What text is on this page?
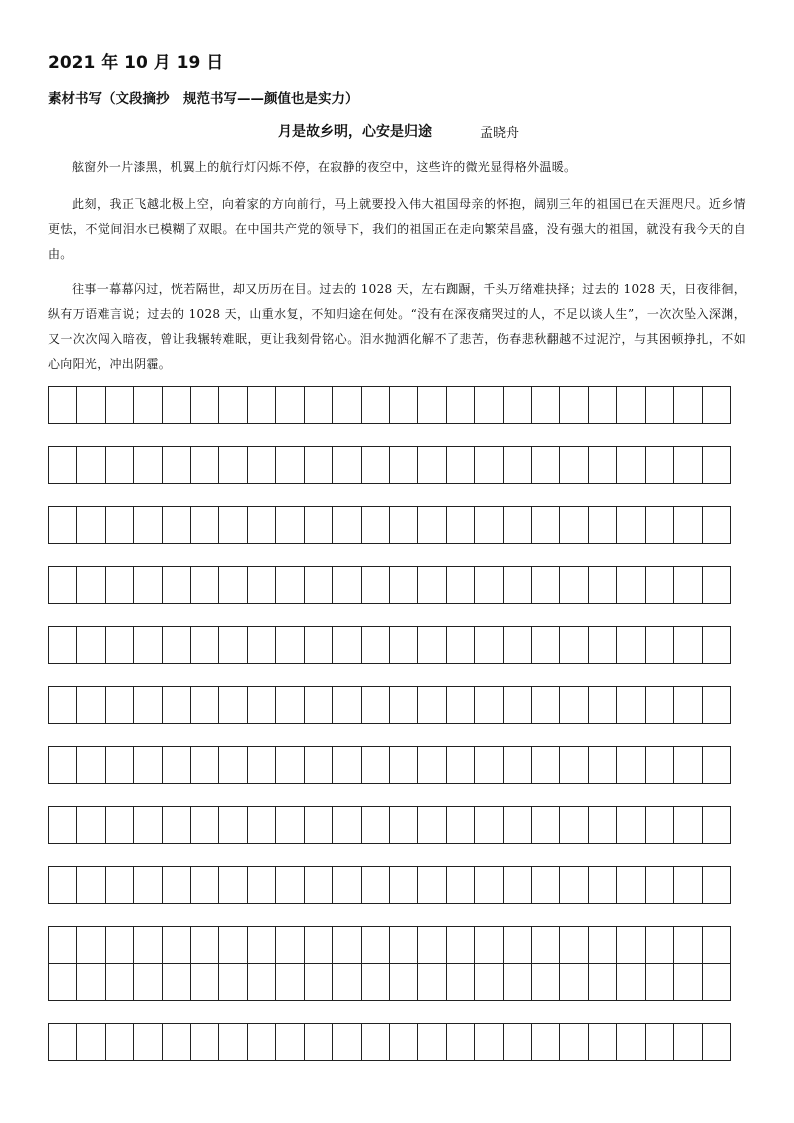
2021 年 10 月 19 日
素材书写（文段摘抄　规范书写——颜值也是实力）
月是故乡明，心安是归途	孟晓舟

舷窗外一片漆黑，机翼上的航行灯闪烁不停，在寂静的夜空中，这些许的微光显得格外温暖。

此刻，我正飞越北极上空，向着家的方向前行，马上就要投入伟大祖国母亲的怀抱，阔别三年的祖国已在天涯咫尺。近乡情更怯，不觉间泪水已模糊了双眼。在中国共产党的领导下，我们的祖国正在走向繁荣昌盛，没有强大的祖国，就没有我今天的自由。

往事一幕幕闪过，恍若隔世，却又历历在目。过去的 1028 天，左右踟蹰，千头万绪难抉择；过去的 1028 天，日夜徘徊，纵有万语难言说；过去的 1028 天，山重水复，不知归途在何处。“没有在深夜痛哭过的人，不足以谈人生”，一次次坠入深渊，又一次次闯入暗夜，曾让我辗转难眠，更让我刻骨铭心。泪水抛洒化解不了悲苦，伤春悲秋翻越不过泥泞，与其困顿挣扎，不如心向阳光，冲出阴霾。
